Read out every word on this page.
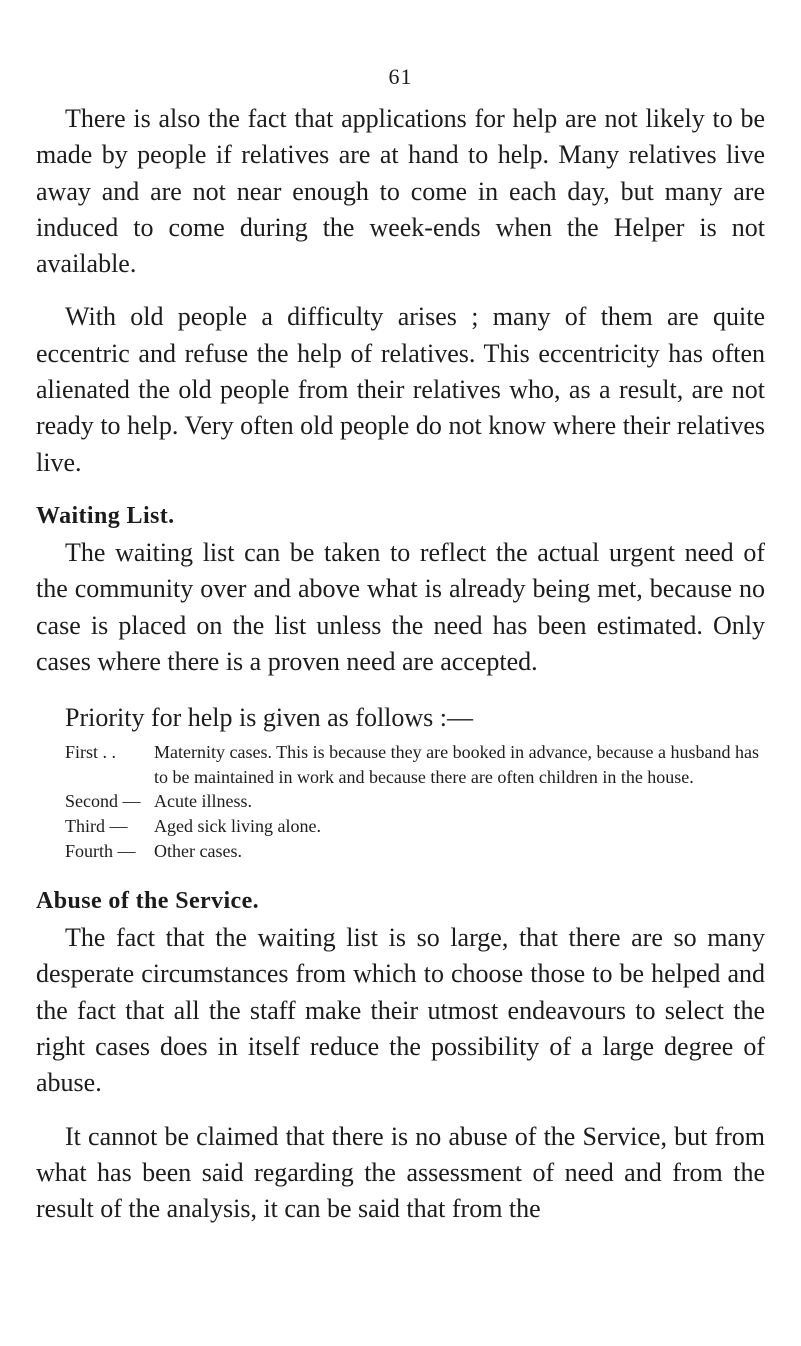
61

There is also the fact that applications for help are not likely to be made by people if relatives are at hand to help. Many relatives live away and are not near enough to come in each day, but many are induced to come during the week-ends when the Helper is not available.

With old people a difficulty arises ; many of them are quite eccentric and refuse the help of relatives. This eccentricity has often alienated the old people from their relatives who, as a result, are not ready to help. Very often old people do not know where their relatives live.

Waiting List.

The waiting list can be taken to reflect the actual urgent need of the community over and above what is already being met, because no case is placed on the list unless the need has been estimated. Only cases where there is a proven need are accepted.

Priority for help is given as follows :—
First . .	Maternity cases. This is because they are booked in advance, because a husband has to be maintained in work and because there are often children in the house.
Second — Acute illness.
Third —	Aged sick living alone.
Fourth —	Other cases.
Abuse of the Service.

The fact that the waiting list is so large, that there are so many desperate circumstances from which to choose those to be helped and the fact that all the staff make their utmost endeavours to select the right cases does in itself reduce the possibility of a large degree of abuse.

It cannot be claimed that there is no abuse of the Service, but from what has been said regarding the assessment of need and from the result of the analysis, it can be said that from the
